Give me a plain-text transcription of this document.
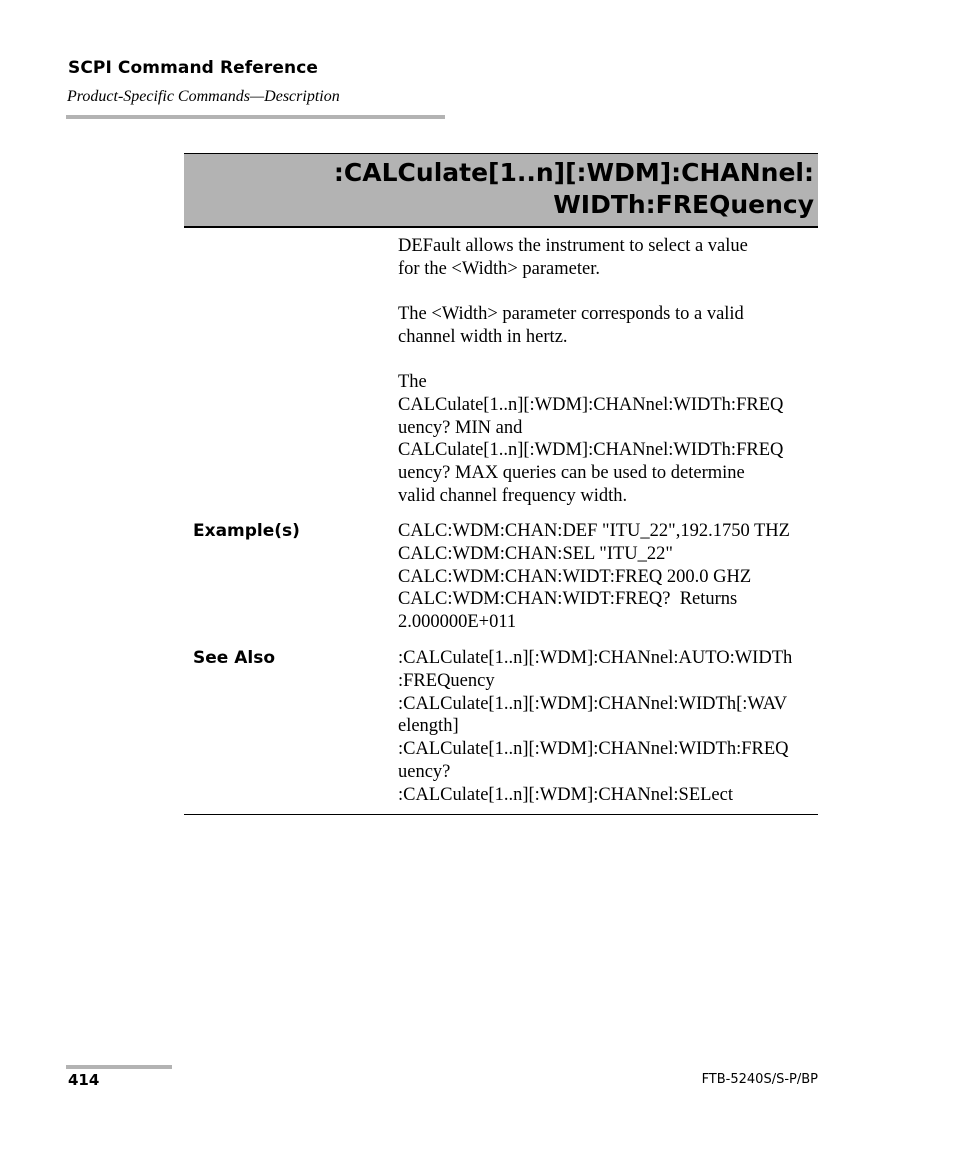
SCPI Command Reference
Product-Specific Commands—Description
:CALCulate[1..n][:WDM]:CHANnel:
WIDTh:FREQuency
DEFault allows the instrument to select a value
for the <Width> parameter.
The <Width> parameter corresponds to a valid
channel width in hertz.
The
CALCulate[1..n][:WDM]:CHANnel:WIDTh:FREQ
uency? MIN and
CALCulate[1..n][:WDM]:CHANnel:WIDTh:FREQ
uency? MAX queries can be used to determine
valid channel frequency width.
Example(s)	CALC:WDM:CHAN:DEF "ITU_22",192.1750 THZ
CALC:WDM:CHAN:SEL "ITU_22"
CALC:WDM:CHAN:WIDT:FREQ 200.0 GHZ
CALC:WDM:CHAN:WIDT:FREQ?  Returns
2.000000E+011
See Also	:CALCulate[1..n][:WDM]:CHANnel:AUTO:WIDTh
:FREQuency
:CALCulate[1..n][:WDM]:CHANnel:WIDTh[:WAV
elength]
:CALCulate[1..n][:WDM]:CHANnel:WIDTh:FREQ
uency?
:CALCulate[1..n][:WDM]:CHANnel:SELect
414	FTB-5240S/S-P/BP
